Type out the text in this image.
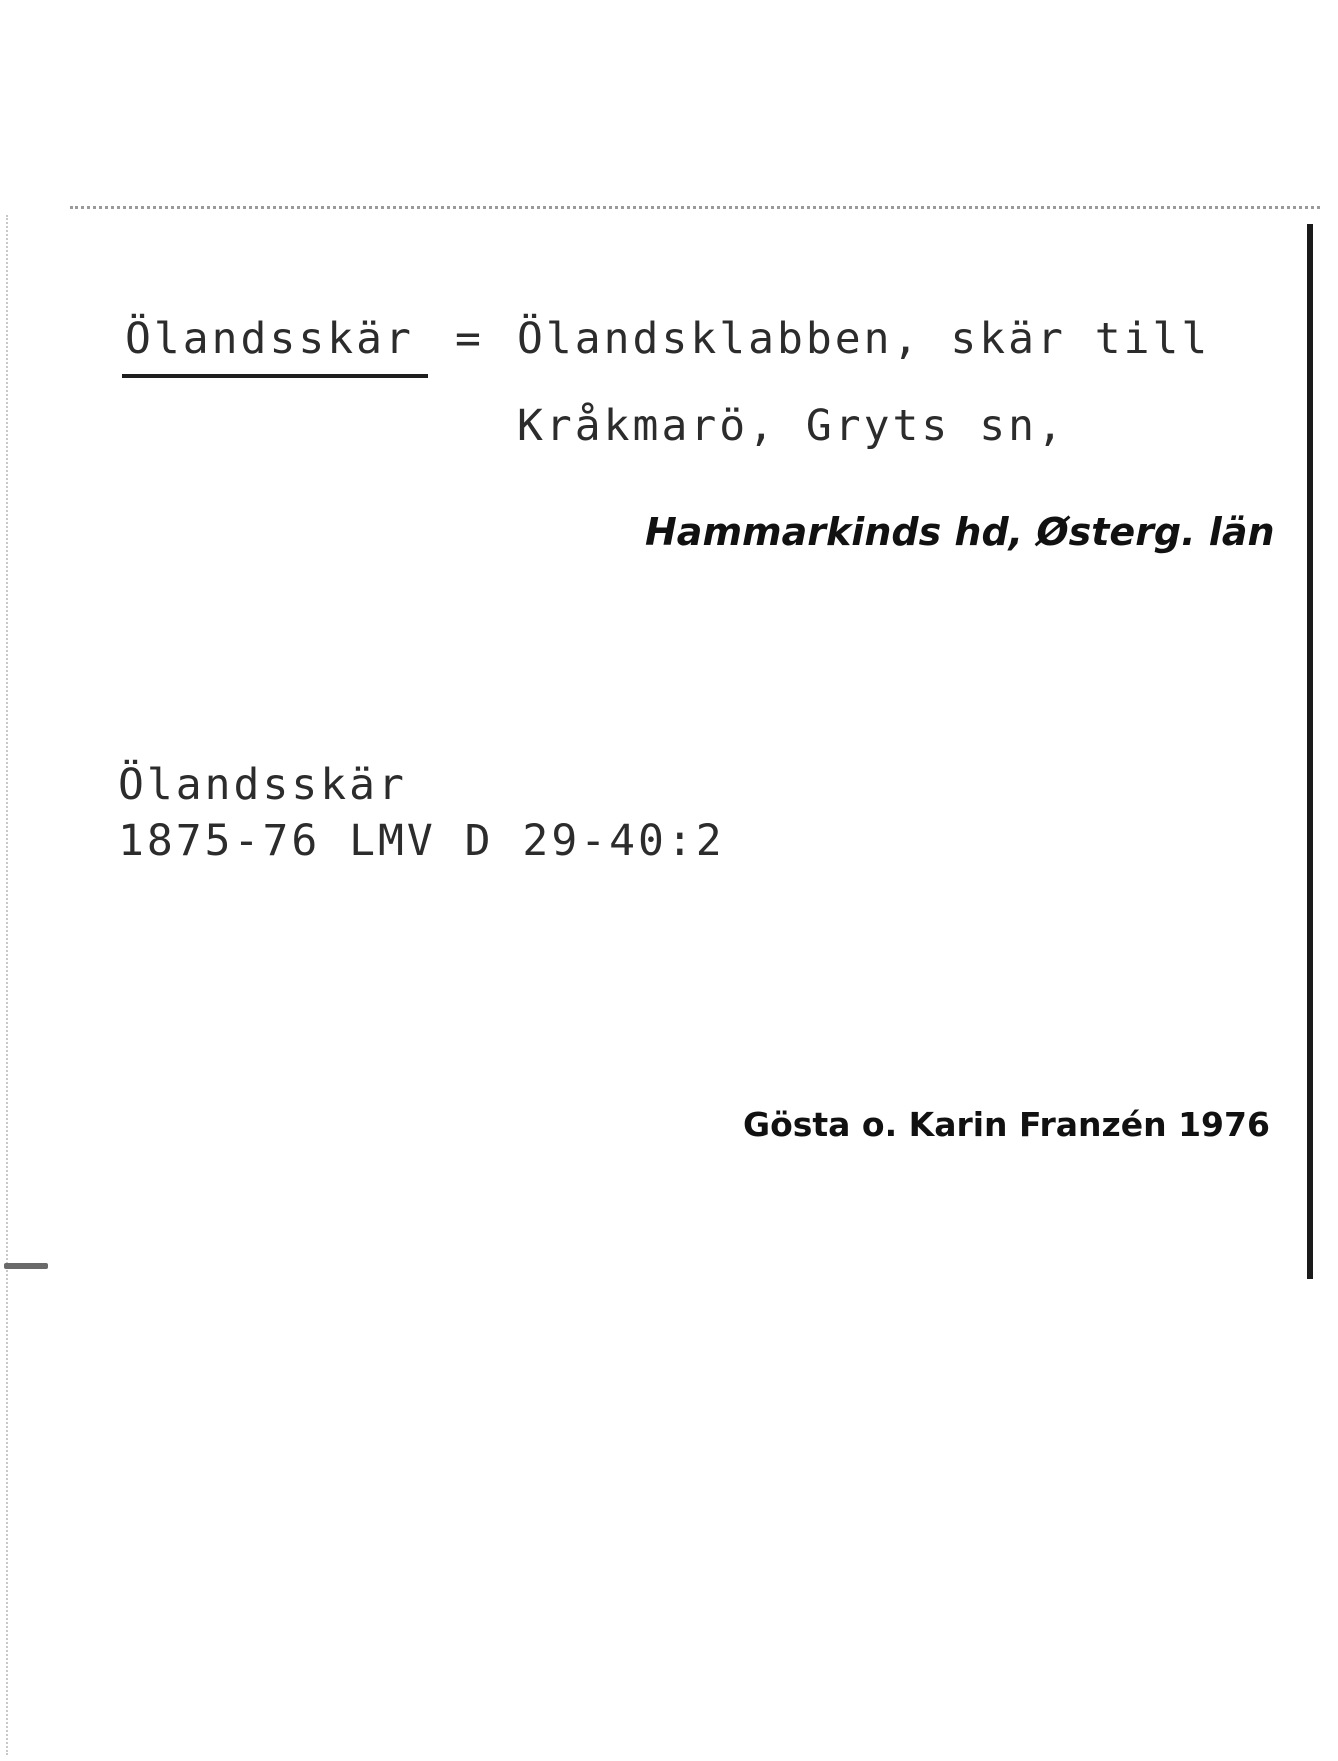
Ölandsskär = Ölandsklabben, skär till
Kråkmarö, Gryts sn,
Hammarkinds hd, Østerg. län
Ölandsskär
1875-76 LMV D 29-40:2
Gösta o. Karin Franzén 1976
